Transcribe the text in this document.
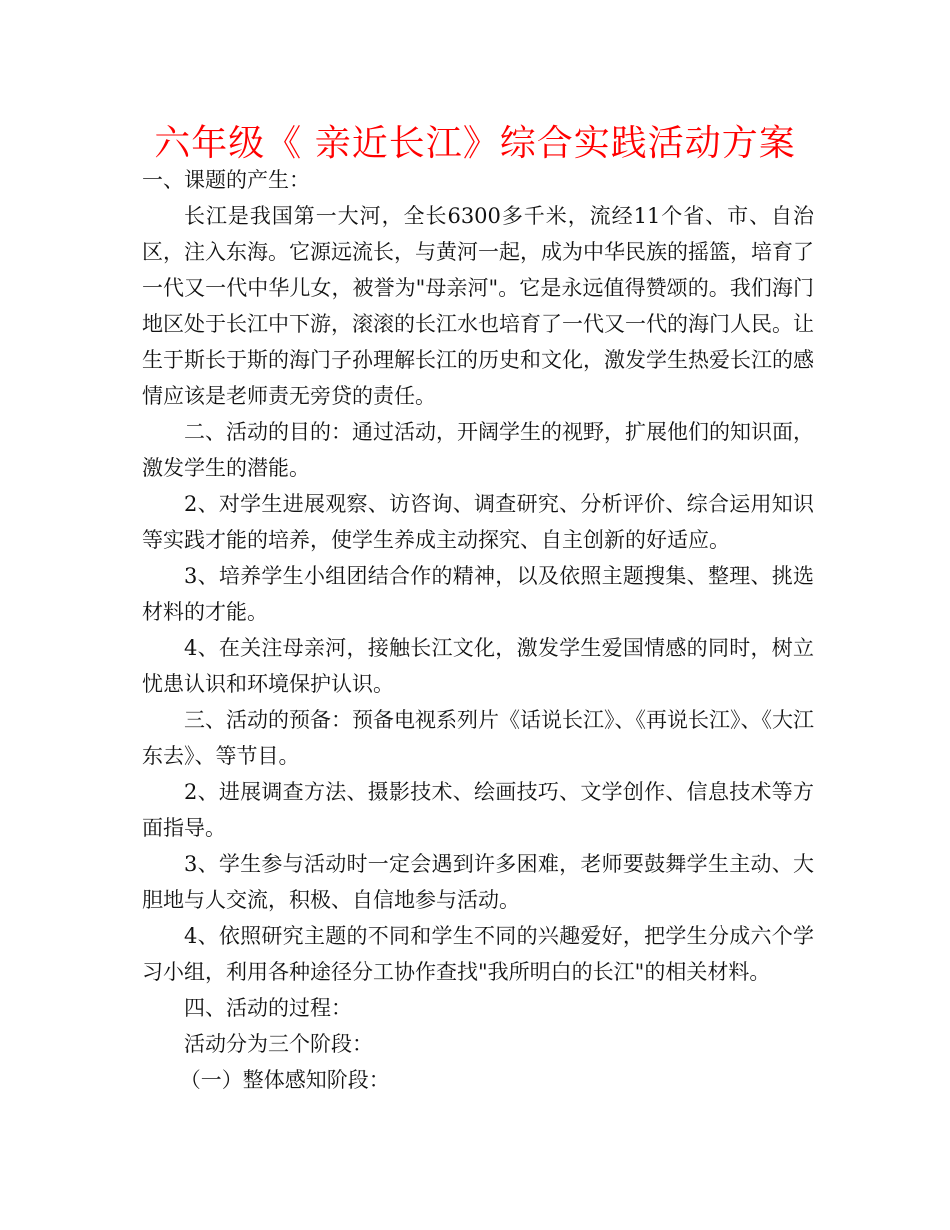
六年级《 亲近长江》综合实践活动方案

一、课题的产生：

长江是我国第一大河，全长6300多千米，流经11个省、市、自治区，注入东海。它源远流长，与黄河一起，成为中华民族的摇篮，培育了一代又一代中华儿女，被誉为"母亲河"。它是永远值得赞颂的。我们海门地区处于长江中下游，滚滚的长江水也培育了一代又一代的海门人民。让生于斯长于斯的海门子孙理解长江的历史和文化，激发学生热爱长江的感情应该是老师责无旁贷的责任。

二、活动的目的：通过活动，开阔学生的视野，扩展他们的知识面，激发学生的潜能。

2、对学生进展观察、访咨询、调查研究、分析评价、综合运用知识等实践才能的培养，使学生养成主动探究、自主创新的好适应。

3、培养学生小组团结合作的精神，以及依照主题搜集、整理、挑选材料的才能。

4、在关注母亲河，接触长江文化，激发学生爱国情感的同时，树立忧患认识和环境保护认识。

三、活动的预备：预备电视系列片《话说长江》、《再说长江》、《大江东去》、等节目。

2、进展调查方法、摄影技术、绘画技巧、文学创作、信息技术等方面指导。

3、学生参与活动时一定会遇到许多困难，老师要鼓舞学生主动、大胆地与人交流，积极、自信地参与活动。

4、依照研究主题的不同和学生不同的兴趣爱好，把学生分成六个学习小组，利用各种途径分工协作查找"我所明白的长江"的相关材料。

四、活动的过程：

活动分为三个阶段：

（一）整体感知阶段：
